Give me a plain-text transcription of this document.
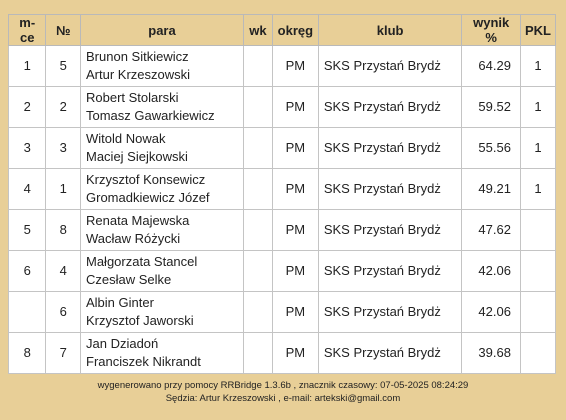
m-ce	№	para	wk	okręg	klub	wynik %	PKL
1	5	Brunon Sitkiewicz
Artur Krzeszowski		PM	SKS Przystań Brydż	64.29	1
2	2	Robert Stolarski
Tomasz Gawarkiewicz		PM	SKS Przystań Brydż	59.52	1
3	3	Witold Nowak
Maciej Siejkowski		PM	SKS Przystań Brydż	55.56	1
4	1	Krzysztof Konsewicz
Gromadkiewicz Józef		PM	SKS Przystań Brydż	49.21	1
5	8	Renata Majewska
Wacław Różycki		PM	SKS Przystań Brydż	47.62	
6	4	Małgorzata Stancel
Czesław Selke		PM	SKS Przystań Brydż	42.06	
	6	Albin Ginter
Krzysztof Jaworski		PM	SKS Przystań Brydż	42.06	
8	7	Jan Dziadoń
Franciszek Nikrandt		PM	SKS Przystań Brydż	39.68	
wygenerowano przy pomocy RRBridge 1.3.6b , znacznik czasowy: 07-05-2025 08:24:29
Sędzia: Artur Krzeszowski , e-mail: artekski@gmail.com
